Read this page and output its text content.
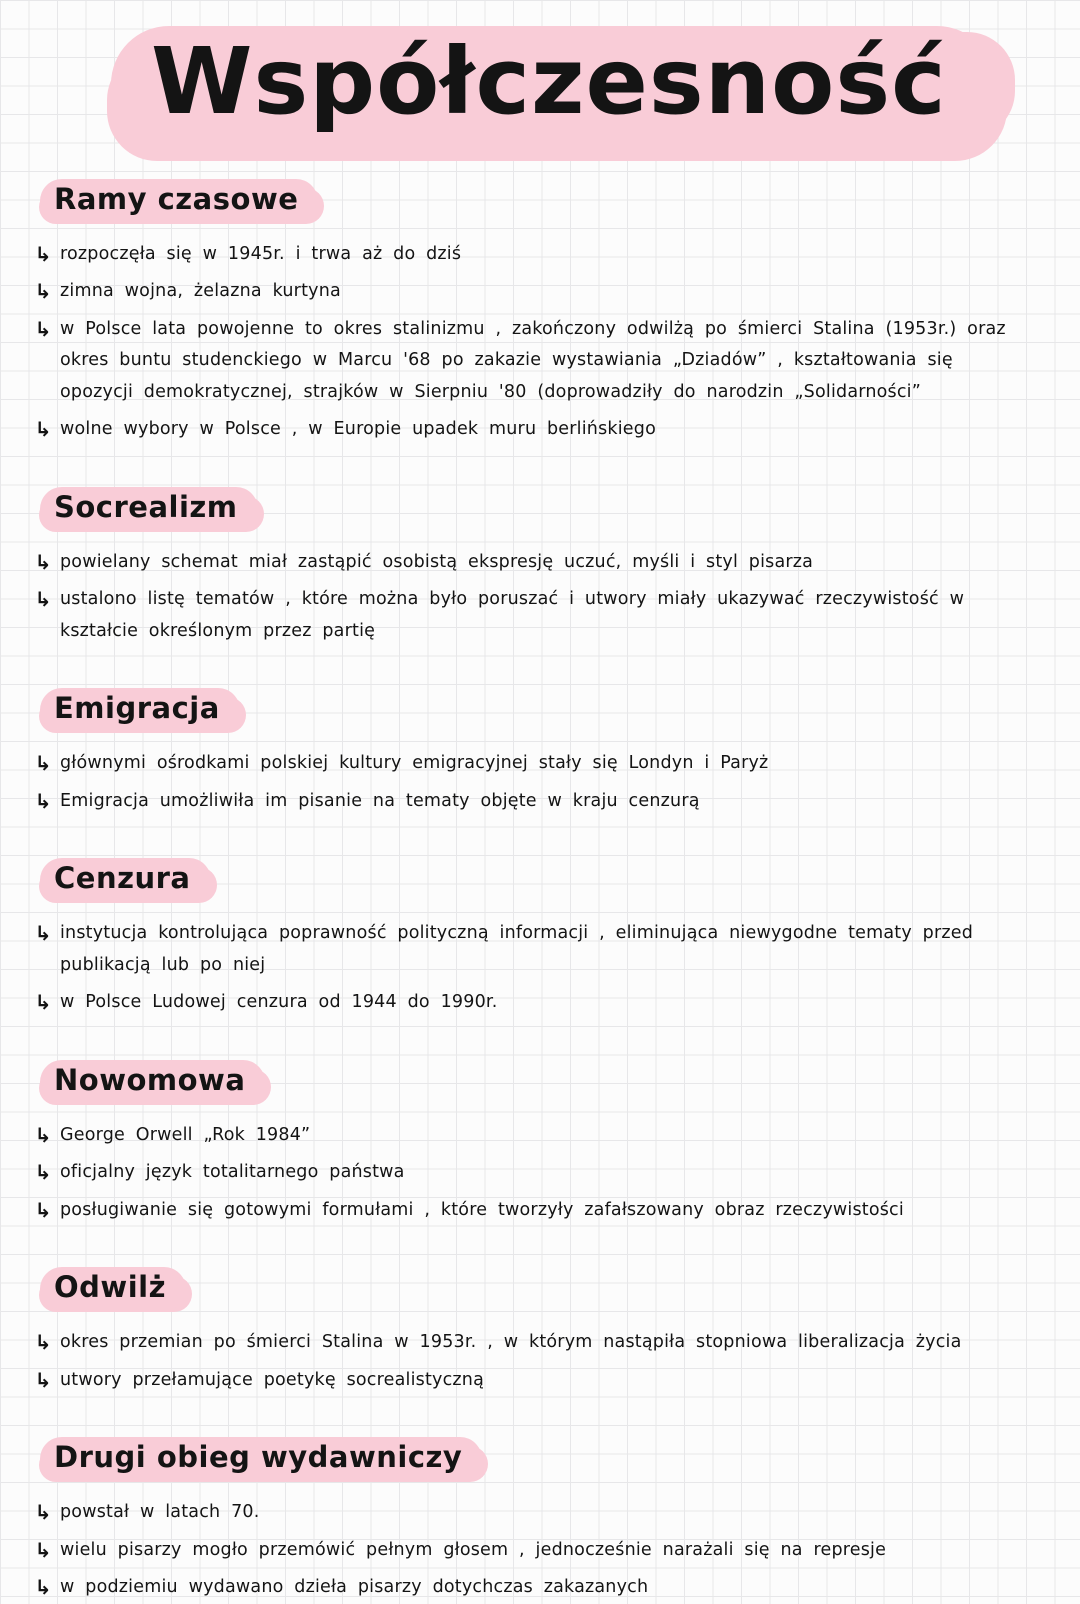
Współczesność
Ramy czasowe
↳ rozpoczęła się w 1945r. i trwa aż do dziś
↳ zimna wojna, żelazna kurtyna
↳ w Polsce lata powojenne to okres stalinizmu , zakończony odwilżą po śmierci Stalina (1953r.) oraz okres buntu studenckiego w Marcu '68 po zakazie wystawiania „Dziadów” , kształtowania się opozycji demokratycznej, strajków w Sierpniu '80 (doprowadziły do narodzin „Solidarności”
↳ wolne wybory w Polsce , w Europie upadek muru berlińskiego
Socrealizm
↳ powielany schemat miał zastąpić osobistą ekspresję uczuć, myśli i styl pisarza
↳ ustalono listę tematów , które można było poruszać i utwory miały ukazywać rzeczywistość w kształcie określonym przez partię
Emigracja
↳ głównymi ośrodkami polskiej kultury emigracyjnej stały się Londyn i Paryż
↳ Emigracja umożliwiła im pisanie na tematy objęte w kraju cenzurą
Cenzura
↳ instytucja kontrolująca poprawność polityczną informacji , eliminująca niewygodne tematy przed publikacją lub po niej
↳ w Polsce Ludowej cenzura od 1944 do 1990r.
Nowomowa
↳ George Orwell „Rok 1984”
↳ oficjalny język totalitarnego państwa
↳ posługiwanie się gotowymi formułami , które tworzyły zafałszowany obraz rzeczywistości
Odwilż
↳ okres przemian po śmierci Stalina w 1953r. , w którym nastąpiła stopniowa liberalizacja życia
↳ utwory przełamujące poetykę socrealistyczną
Drugi obieg wydawniczy
↳ powstał w latach 70.
↳ wielu pisarzy mogło przemówić pełnym głosem , jednocześnie narażali się na represje
↳ w podziemiu wydawano dzieła pisarzy dotychczas zakazanych
